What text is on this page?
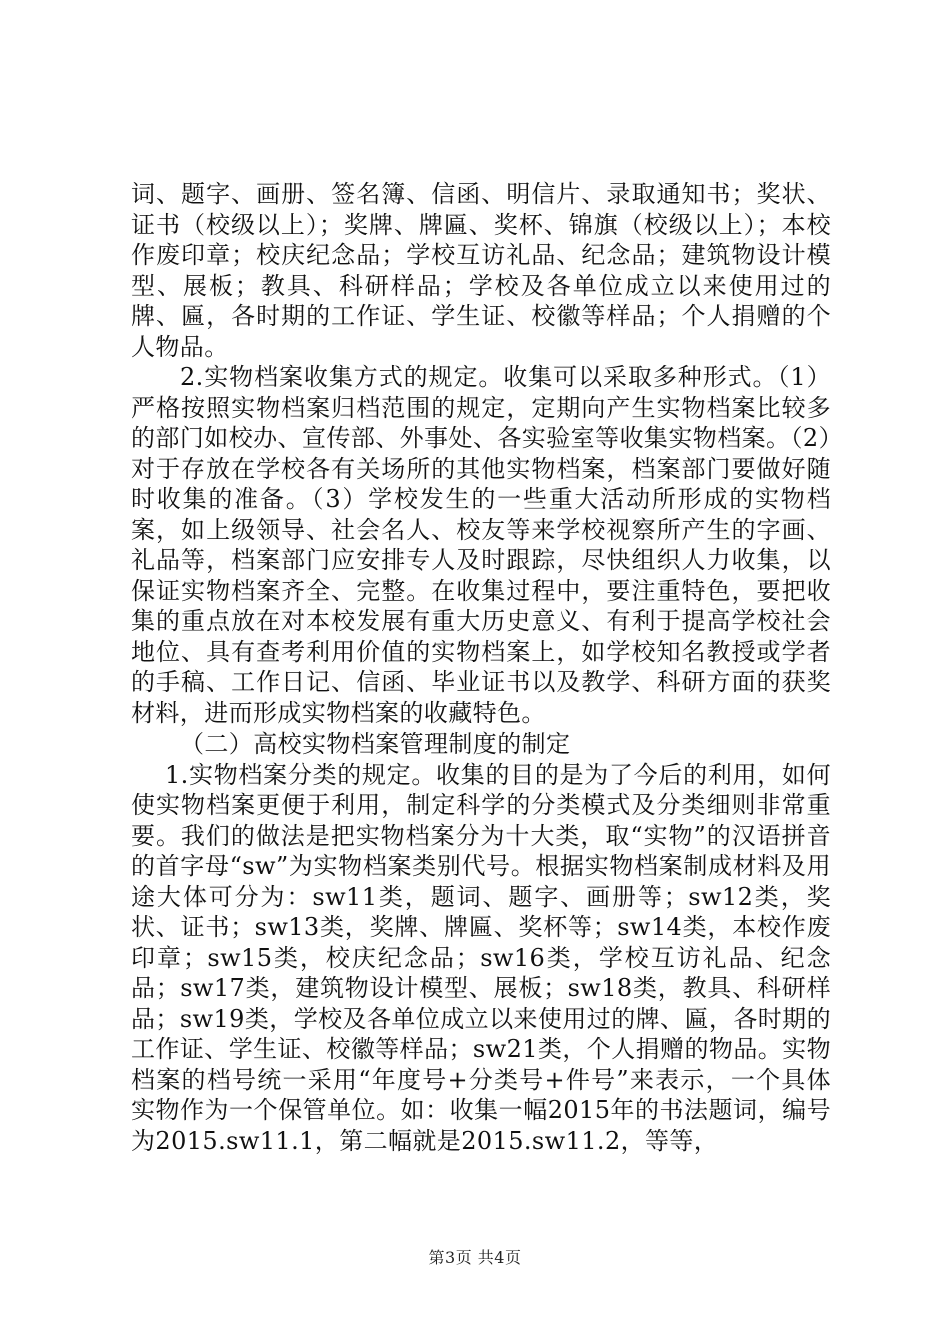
词、题字、画册、签名簿、信函、明信片、录取通知书；奖状、证书（校级以上）；奖牌、牌匾、奖杯、锦旗（校级以上）；本校作废印章；校庆纪念品；学校互访礼品、纪念品；建筑物设计模型、展板；教具、科研样品；学校及各单位成立以来使用过的牌、匾，各时期的工作证、学生证、校徽等样品；个人捐赠的个人物品。

2.实物档案收集方式的规定。收集可以采取多种形式。（1）严格按照实物档案归档范围的规定，定期向产生实物档案比较多的部门如校办、宣传部、外事处、各实验室等收集实物档案。（2）对于存放在学校各有关场所的其他实物档案，档案部门要做好随时收集的准备。（3）学校发生的一些重大活动所形成的实物档案，如上级领导、社会名人、校友等来学校视察所产生的字画、礼品等，档案部门应安排专人及时跟踪，尽快组织人力收集，以保证实物档案齐全、完整。在收集过程中，要注重特色，要把收集的重点放在对本校发展有重大历史意义、有利于提高学校社会地位、具有查考利用价值的实物档案上，如学校知名教授或学者的手稿、工作日记、信函、毕业证书以及教学、科研方面的获奖材料，进而形成实物档案的收藏特色。

（二）高校实物档案管理制度的制定

1.实物档案分类的规定。收集的目的是为了今后的利用，如何使实物档案更便于利用，制定科学的分类模式及分类细则非常重要。我们的做法是把实物档案分为十大类，取“实物”的汉语拼音的首字母“sw”为实物档案类别代号。根据实物档案制成材料及用途大体可分为：sw11类，题词、题字、画册等；sw12类，奖状、证书；sw13类，奖牌、牌匾、奖杯等；sw14类，本校作废印章；sw15类，校庆纪念品；sw16类，学校互访礼品、纪念品；sw17类，建筑物设计模型、展板；sw18类，教具、科研样品；sw19类，学校及各单位成立以来使用过的牌、匾，各时期的工作证、学生证、校徽等样品；sw21类，个人捐赠的物品。实物档案的档号统一采用“年度号+分类号+件号”来表示，一个具体实物作为一个保管单位。如：收集一幅2015年的书法题词，编号为2015.sw11.1，第二幅就是2015.sw11.2，等等，

第3页 共4页
